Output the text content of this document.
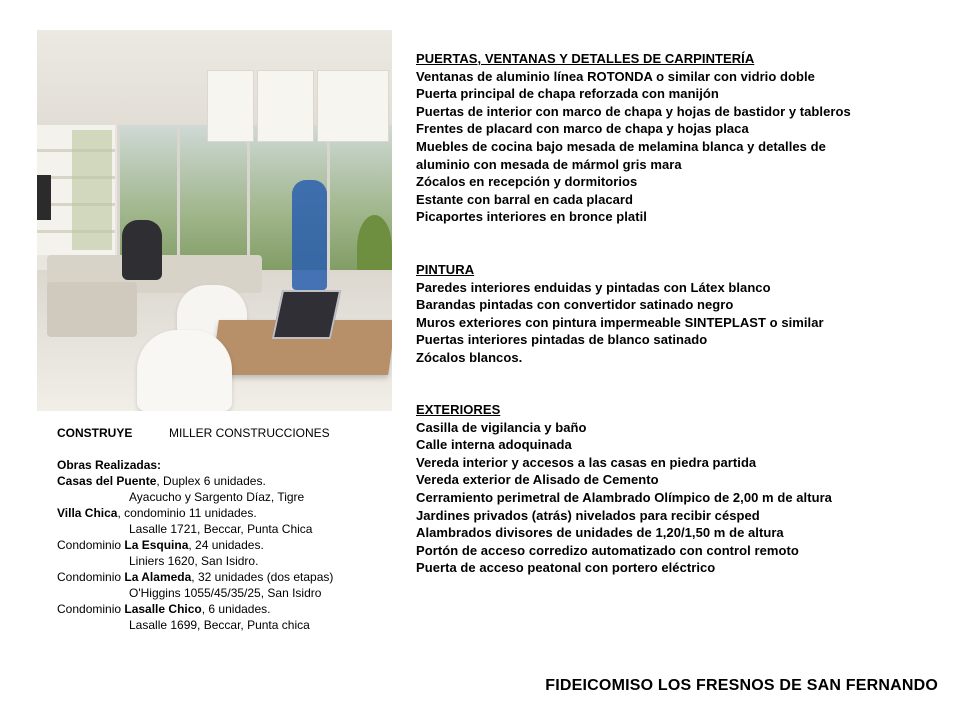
PUERTAS, VENTANAS Y DETALLES DE CARPINTERÍA
Ventanas de aluminio línea ROTONDA o similar con vidrio doble
Puerta principal de chapa reforzada con manijón
Puertas de interior con marco de chapa y hojas de bastidor y tableros
Frentes de placard con marco de chapa y hojas placa
Muebles de cocina bajo mesada de melamina blanca y detalles de
aluminio con mesada de mármol gris mara
Zócalos en recepción y dormitorios
Estante con barral en cada placard
Picaportes interiores en bronce platil
PINTURA
Paredes interiores enduidas y pintadas con Látex blanco
Barandas pintadas con convertidor satinado negro
Muros exteriores con pintura impermeable SINTEPLAST o similar
Puertas interiores pintadas de blanco satinado
Zócalos blancos.
EXTERIORES
Casilla de vigilancia y baño
Calle interna adoquinada
Vereda interior y accesos a las casas en piedra partida
Vereda exterior de Alisado de Cemento
Cerramiento perimetral de Alambrado Olímpico de 2,00 m de altura
Jardines privados (atrás) nivelados para recibir césped
Alambrados divisores de unidades de 1,20/1,50 m de altura
Portón de acceso corredizo automatizado con control remoto
Puerta de acceso peatonal con portero eléctrico
CONSTRUYE	MILLER CONSTRUCCIONES
Obras Realizadas:
Casas del Puente, Duplex 6 unidades.
Ayacucho y Sargento Díaz, Tigre
Villa Chica, condominio 11 unidades.
Lasalle 1721, Beccar, Punta Chica
Condominio La Esquina, 24 unidades.
Liniers 1620, San Isidro.
Condominio La Alameda, 32 unidades (dos etapas)
O'Higgins 1055/45/35/25, San Isidro
Condominio Lasalle Chico, 6 unidades.
Lasalle 1699, Beccar, Punta chica
FIDEICOMISO LOS FRESNOS DE SAN FERNANDO
